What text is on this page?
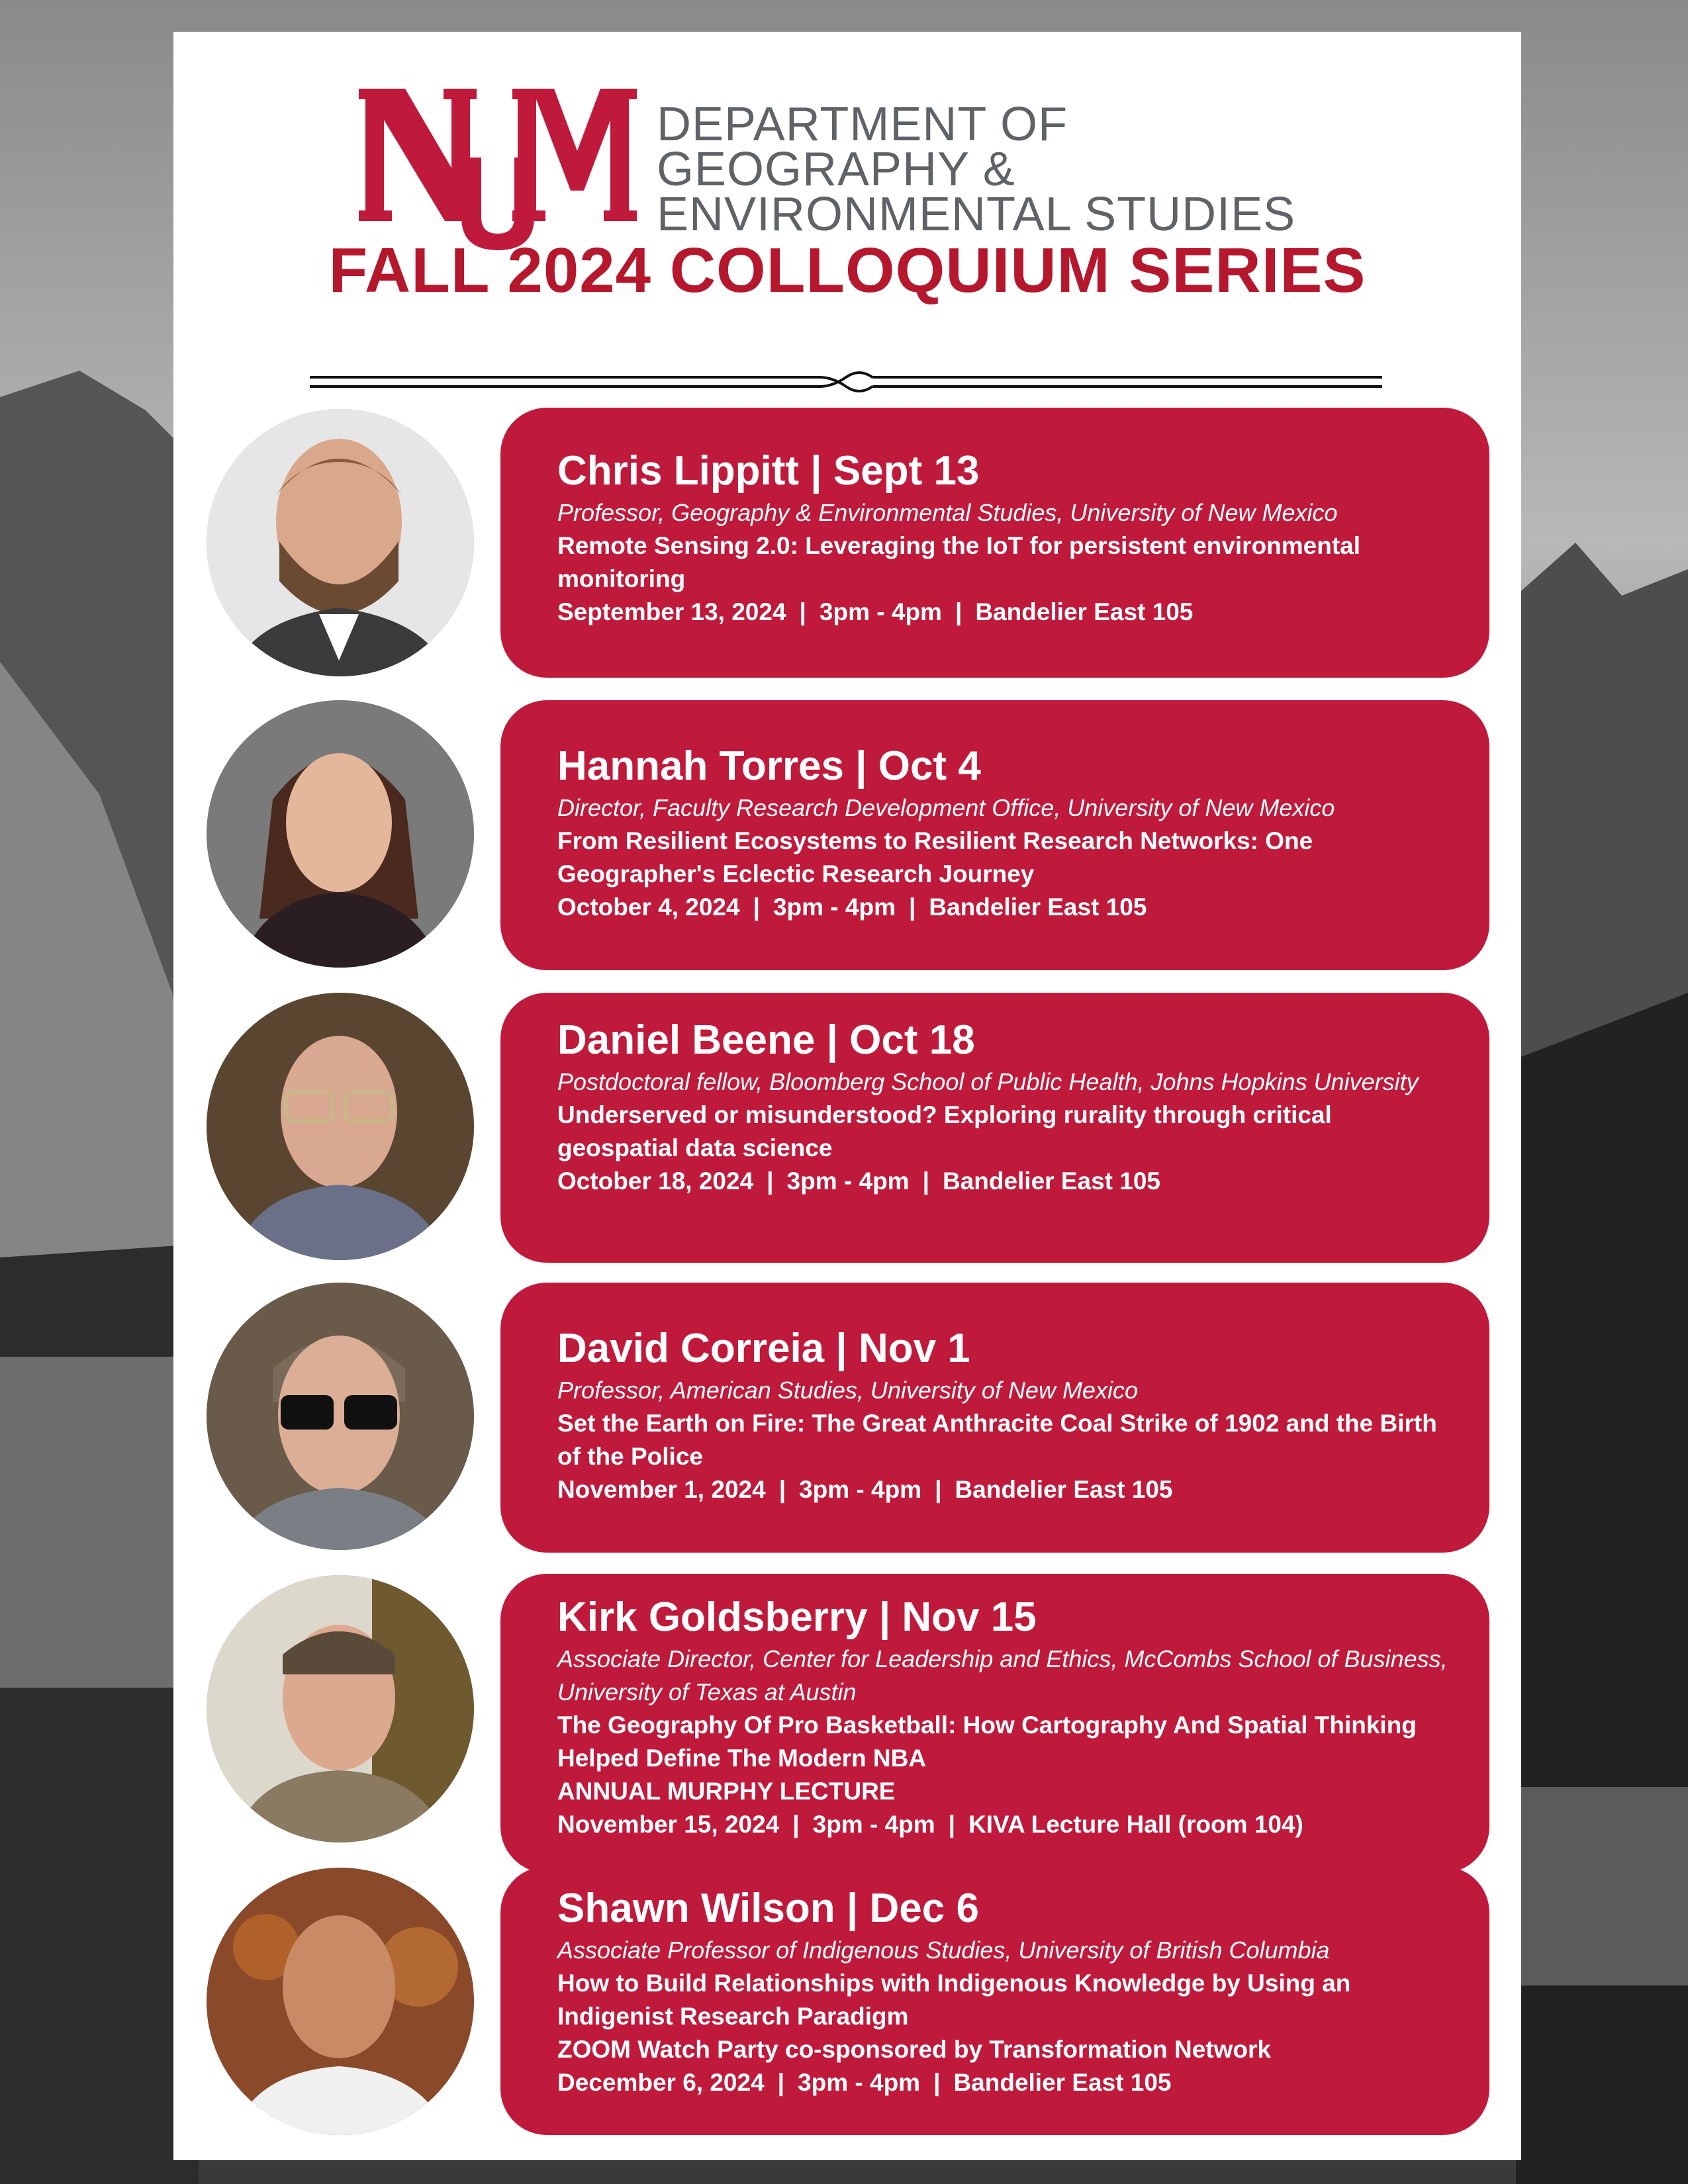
DEPARTMENT OF
GEOGRAPHY &
ENVIRONMENTAL STUDIES
FALL 2024 COLLOQUIUM SERIES
Chris Lippitt | Sept 13
Professor, Geography & Environmental Studies, University of New Mexico
Remote Sensing 2.0: Leveraging the IoT for persistent environmental monitoring
September 13, 2024 | 3pm - 4pm | Bandelier East 105
Hannah Torres | Oct 4
Director, Faculty Research Development Office, University of New Mexico
From Resilient Ecosystems to Resilient Research Networks: One Geographer's Eclectic Research Journey
October 4, 2024 | 3pm - 4pm | Bandelier East 105
Daniel Beene | Oct 18
Postdoctoral fellow, Bloomberg School of Public Health, Johns Hopkins University
Underserved or misunderstood? Exploring rurality through critical geospatial data science
October 18, 2024 | 3pm - 4pm | Bandelier East 105
David Correia | Nov 1
Professor, American Studies, University of New Mexico
Set the Earth on Fire: The Great Anthracite Coal Strike of 1902 and the Birth of the Police
November 1, 2024 | 3pm - 4pm | Bandelier East 105
Kirk Goldsberry | Nov 15
Associate Director, Center for Leadership and Ethics, McCombs School of Business, University of Texas at Austin
The Geography Of Pro Basketball: How Cartography And Spatial Thinking Helped Define The Modern NBA
ANNUAL MURPHY LECTURE
November 15, 2024 | 3pm - 4pm | KIVA Lecture Hall (room 104)
Shawn Wilson | Dec 6
Associate Professor of Indigenous Studies, University of British Columbia
How to Build Relationships with Indigenous Knowledge by Using an Indigenist Research Paradigm
ZOOM Watch Party co-sponsored by Transformation Network
December 6, 2024 | 3pm - 4pm | Bandelier East 105
